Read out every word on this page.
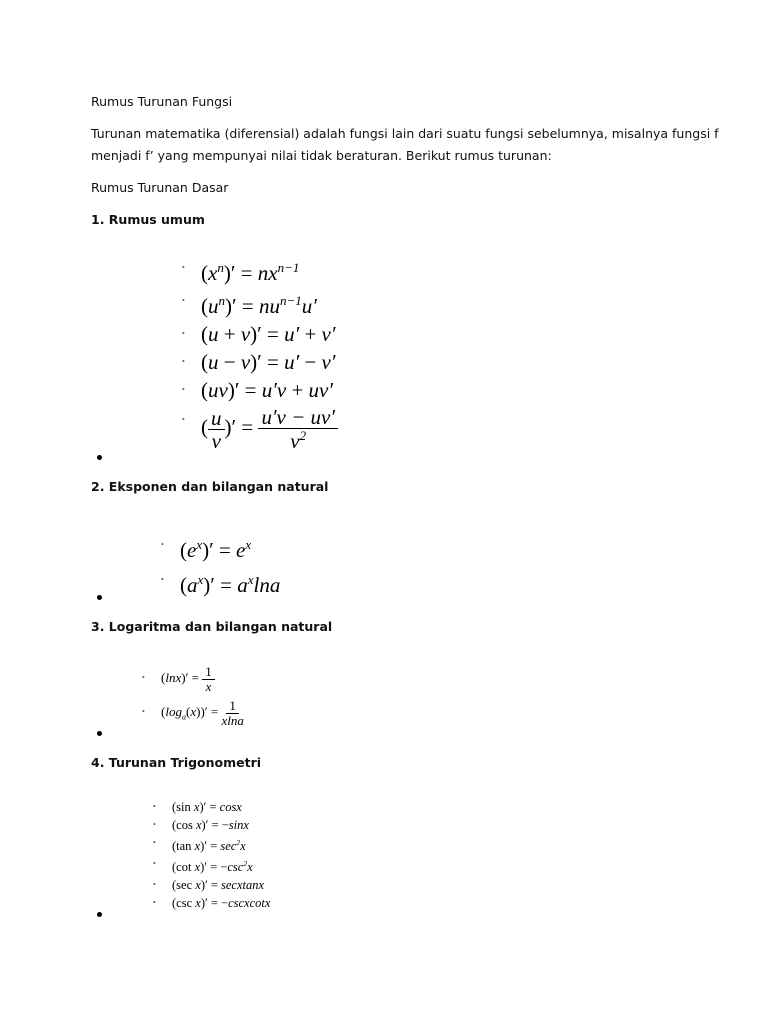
Rumus Turunan Fungsi

Turunan matematika (diferensial) adalah fungsi lain dari suatu fungsi sebelumnya, misalnya fungsi f

menjadi f’ yang mempunyai nilai tidak beraturan. Berikut rumus turunan:

Rumus Turunan Dasar

1. Rumus umum

• $(x^n)' = nx^{n-1}$
• $(u^n)' = nu^{n-1}u'$
• (u + v)′ = u′ + v′
• (u − v)′ = u′ − v′
• (uv)′ = u′v + uv′
• ( $\frac{u}{v}$ )′ = $\frac{u'v - uv'}{v^2}$

2. Eksponen dan bilangan natural

• $(e^x)' = e^x$
• $(a^x)' = a^x\ln a$

3. Logaritma dan bilangan natural

• $(\ln x)' = \frac{1}{x}$
• $(\log_a(x))' = \frac{1}{xlna}$

4. Turunan Trigonometri

• (sin x)′ = cosx
• (cos x)′ = −sinx
• (tan $x)' = \sec^2x$
• (cot $x)' = -\csc^2x$
• (sec x)′ = secxtanx
• (csc x)′ = −cscxcotx
